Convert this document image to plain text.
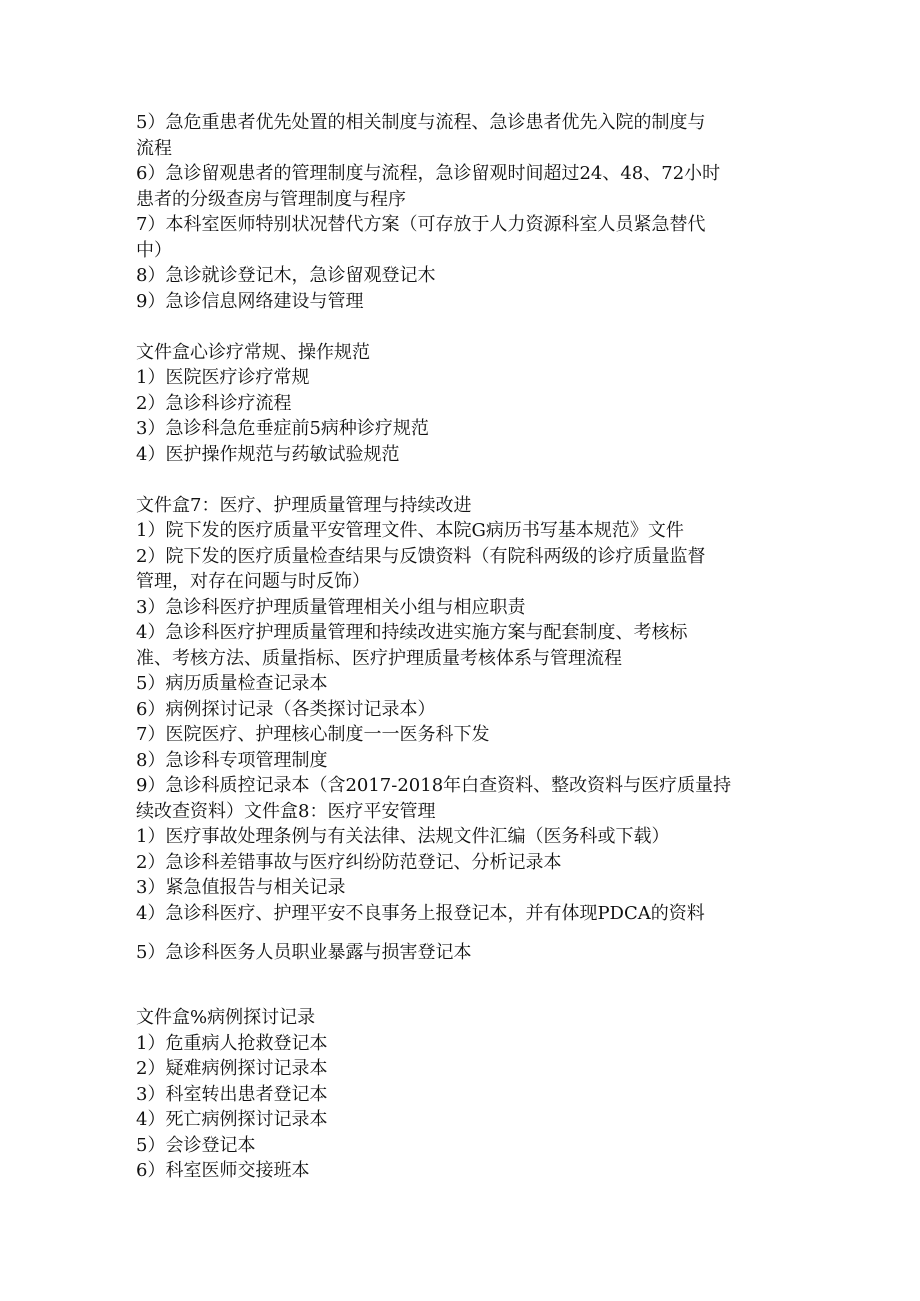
5）急危重患者优先处置的相关制度与流程、急诊患者优先入院的制度与
流程
6）急诊留观患者的管理制度与流程，急诊留观时间超过24、48、72小时
患者的分级查房与管理制度与程序
7）本科室医师特别状况替代方案（可存放于人力资源科室人员紧急替代
中）
8）急诊就诊登记木，急诊留观登记木
9）急诊信息网络建设与管理
文件盒心诊疗常规、操作规范
1）医院医疗诊疗常规
2）急诊科诊疗流程
3）急诊科急危垂症前5病种诊疗规范
4）医护操作规范与药敏试验规范
文件盒7：医疗、护理质量管理与持续改进
1）院下发的医疗质量平安管理文件、本院G病历书写基本规范》文件
2）院下发的医疗质量检查结果与反馈资料（有院科两级的诊疗质量监督
管理，对存在问题与时反饰）
3）急诊科医疗护理质量管理相关小组与相应职责
4）急诊科医疗护理质量管理和持续改进实施方案与配套制度、考核标
准、考核方法、质量指标、医疗护理质量考核体系与管理流程
5）病历质量检查记录本
6）病例探讨记录（各类探讨记录本）
7）医院医疗、护理核心制度一一医务科下发
8）急诊科专项管理制度
9）急诊科质控记录本（含2017-2018年白查资料、整改资料与医疗质量持
续改查资料）文件盒8：医疗平安管理
1）医疗事故处理条例与有关法律、法规文件汇编（医务科或下载）
2）急诊科差错事故与医疗纠纷防范登记、分析记录本
3）紧急值报告与相关记录
4）急诊科医疗、护理平安不良事务上报登记本，并有体现PDCA的资料
5）急诊科医务人员职业暴露与损害登记本
文件盒%病例探讨记录
1）危重病人抢救登记本
2）疑难病例探讨记录本
3）科室转出患者登记本
4）死亡病例探讨记录本
5）会诊登记本
6）科室医师交接班本
